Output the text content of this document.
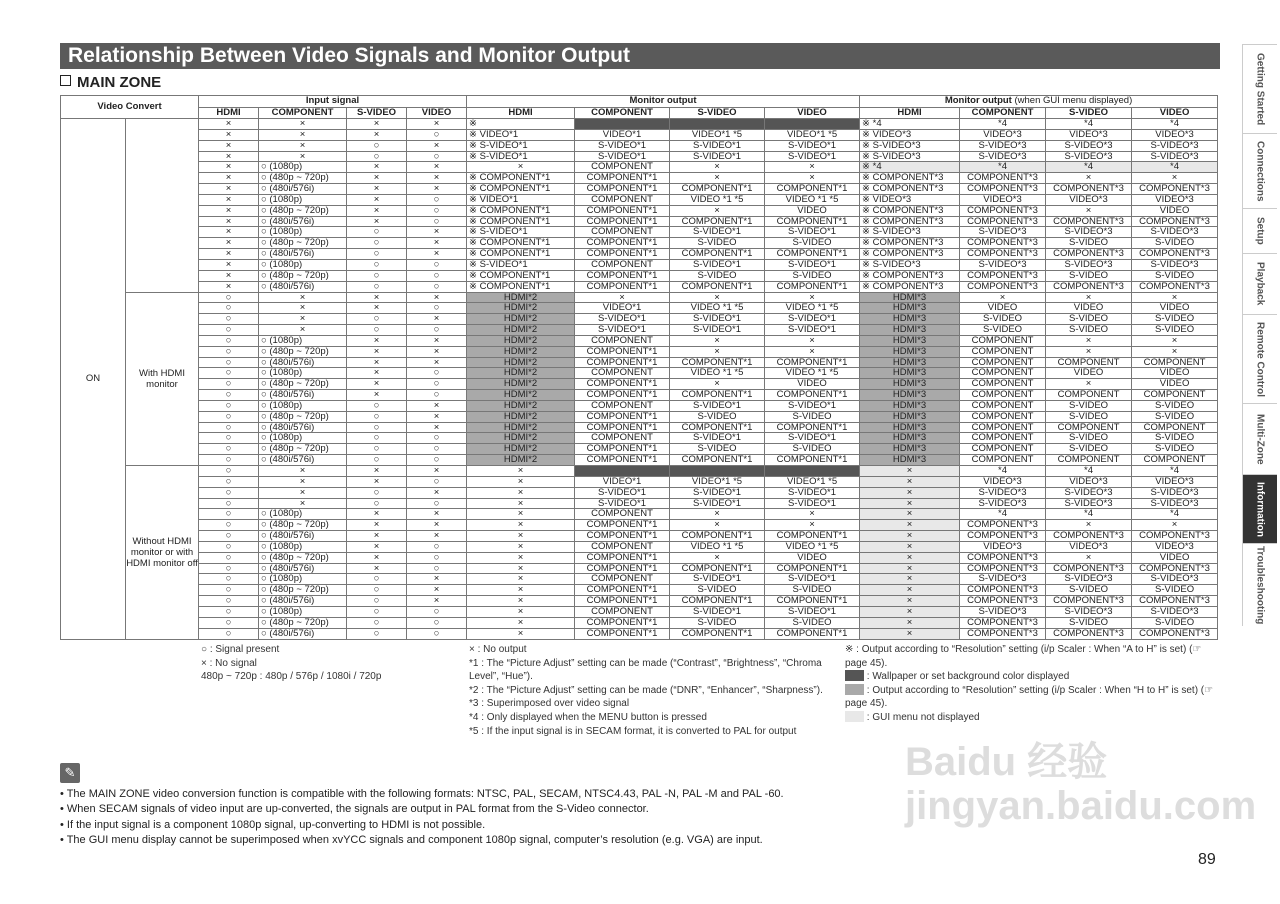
Relationship Between Video Signals and Monitor Output
MAIN ZONE
Video Convert		Input signal				Monitor output				Monitor output (when GUI menu displayed)			
		HDMI	COMPONENT	S-VIDEO	VIDEO	HDMI	COMPONENT	S-VIDEO	VIDEO	HDMI	COMPONENT	S-VIDEO	VIDEO
ON		×	×	×	×	※				※ *4	*4	*4	*4
		×	×	×	○	※ VIDEO*1	VIDEO*1	VIDEO*1 *5	VIDEO*1 *5	※ VIDEO*3	VIDEO*3	VIDEO*3	VIDEO*3
		×	×	○	×	※ S-VIDEO*1	S-VIDEO*1	S-VIDEO*1	S-VIDEO*1	※ S-VIDEO*3	S-VIDEO*3	S-VIDEO*3	S-VIDEO*3
		×	×	○	○	※ S-VIDEO*1	S-VIDEO*1	S-VIDEO*1	S-VIDEO*1	※ S-VIDEO*3	S-VIDEO*3	S-VIDEO*3	S-VIDEO*3
		×	○ (1080p)	×	×	×	COMPONENT	×	×	※ *4	*4	*4	*4
		×	○ (480p ~ 720p)	×	×	※ COMPONENT*1	COMPONENT*1	×	×	※ COMPONENT*3	COMPONENT*3	×	×
		×	○ (480i/576i)	×	×	※ COMPONENT*1	COMPONENT*1	COMPONENT*1	COMPONENT*1	※ COMPONENT*3	COMPONENT*3	COMPONENT*3	COMPONENT*3
		×	○ (1080p)	×	○	※ VIDEO*1	COMPONENT	VIDEO *1 *5	VIDEO *1 *5	※ VIDEO*3	VIDEO*3	VIDEO*3	VIDEO*3
		×	○ (480p ~ 720p)	×	○	※ COMPONENT*1	COMPONENT*1	×	VIDEO	※ COMPONENT*3	COMPONENT*3	×	VIDEO
		×	○ (480i/576i)	×	○	※ COMPONENT*1	COMPONENT*1	COMPONENT*1	COMPONENT*1	※ COMPONENT*3	COMPONENT*3	COMPONENT*3	COMPONENT*3
		×	○ (1080p)	○	×	※ S-VIDEO*1	COMPONENT	S-VIDEO*1	S-VIDEO*1	※ S-VIDEO*3	S-VIDEO*3	S-VIDEO*3	S-VIDEO*3
		×	○ (480p ~ 720p)	○	×	※ COMPONENT*1	COMPONENT*1	S-VIDEO	S-VIDEO	※ COMPONENT*3	COMPONENT*3	S-VIDEO	S-VIDEO
		×	○ (480i/576i)	○	×	※ COMPONENT*1	COMPONENT*1	COMPONENT*1	COMPONENT*1	※ COMPONENT*3	COMPONENT*3	COMPONENT*3	COMPONENT*3
		×	○ (1080p)	○	○	※ S-VIDEO*1	COMPONENT	S-VIDEO*1	S-VIDEO*1	※ S-VIDEO*3	S-VIDEO*3	S-VIDEO*3	S-VIDEO*3
		×	○ (480p ~ 720p)	○	○	※ COMPONENT*1	COMPONENT*1	S-VIDEO	S-VIDEO	※ COMPONENT*3	COMPONENT*3	S-VIDEO	S-VIDEO
		×	○ (480i/576i)	○	○	※ COMPONENT*1	COMPONENT*1	COMPONENT*1	COMPONENT*1	※ COMPONENT*3	COMPONENT*3	COMPONENT*3	COMPONENT*3
	With HDMI monitor	○	×	×	×	HDMI*2	×	×	×	HDMI*3	×	×	×
		○	×	×	○	HDMI*2	VIDEO*1	VIDEO *1 *5	VIDEO *1 *5	HDMI*3	VIDEO	VIDEO	VIDEO
		○	×	○	×	HDMI*2	S-VIDEO*1	S-VIDEO*1	S-VIDEO*1	HDMI*3	S-VIDEO	S-VIDEO	S-VIDEO
		○	×	○	○	HDMI*2	S-VIDEO*1	S-VIDEO*1	S-VIDEO*1	HDMI*3	S-VIDEO	S-VIDEO	S-VIDEO
		○	○ (1080p)	×	×	HDMI*2	COMPONENT	×	×	HDMI*3	COMPONENT	×	×
		○	○ (480p ~ 720p)	×	×	HDMI*2	COMPONENT*1	×	×	HDMI*3	COMPONENT	×	×
		○	○ (480i/576i)	×	×	HDMI*2	COMPONENT*1	COMPONENT*1	COMPONENT*1	HDMI*3	COMPONENT	COMPONENT	COMPONENT
		○	○ (1080p)	×	○	HDMI*2	COMPONENT	VIDEO *1 *5	VIDEO *1 *5	HDMI*3	COMPONENT	VIDEO	VIDEO
		○	○ (480p ~ 720p)	×	○	HDMI*2	COMPONENT*1	×	VIDEO	HDMI*3	COMPONENT	×	VIDEO
		○	○ (480i/576i)	×	○	HDMI*2	COMPONENT*1	COMPONENT*1	COMPONENT*1	HDMI*3	COMPONENT	COMPONENT	COMPONENT
		○	○ (1080p)	○	×	HDMI*2	COMPONENT	S-VIDEO*1	S-VIDEO*1	HDMI*3	COMPONENT	S-VIDEO	S-VIDEO
		○	○ (480p ~ 720p)	○	×	HDMI*2	COMPONENT*1	S-VIDEO	S-VIDEO	HDMI*3	COMPONENT	S-VIDEO	S-VIDEO
		○	○ (480i/576i)	○	×	HDMI*2	COMPONENT*1	COMPONENT*1	COMPONENT*1	HDMI*3	COMPONENT	COMPONENT	COMPONENT
		○	○ (1080p)	○	○	HDMI*2	COMPONENT	S-VIDEO*1	S-VIDEO*1	HDMI*3	COMPONENT	S-VIDEO	S-VIDEO
		○	○ (480p ~ 720p)	○	○	HDMI*2	COMPONENT*1	S-VIDEO	S-VIDEO	HDMI*3	COMPONENT	S-VIDEO	S-VIDEO
		○	○ (480i/576i)	○	○	HDMI*2	COMPONENT*1	COMPONENT*1	COMPONENT*1	HDMI*3	COMPONENT	COMPONENT	COMPONENT
	Without HDMI monitor or with HDMI monitor off	○	×	×	×	×				×	*4	*4	*4
		○	×	×	○	×	VIDEO*1	VIDEO*1 *5	VIDEO*1 *5	×	VIDEO*3	VIDEO*3	VIDEO*3
		○	×	○	×	×	S-VIDEO*1	S-VIDEO*1	S-VIDEO*1	×	S-VIDEO*3	S-VIDEO*3	S-VIDEO*3
		○	×	○	○	×	S-VIDEO*1	S-VIDEO*1	S-VIDEO*1	×	S-VIDEO*3	S-VIDEO*3	S-VIDEO*3
		○	○ (1080p)	×	×	×	COMPONENT	×	×	×	*4	*4	*4
		○	○ (480p ~ 720p)	×	×	×	COMPONENT*1	×	×	×	COMPONENT*3	×	×
		○	○ (480i/576i)	×	×	×	COMPONENT*1	COMPONENT*1	COMPONENT*1	×	COMPONENT*3	COMPONENT*3	COMPONENT*3
		○	○ (1080p)	×	○	×	COMPONENT	VIDEO *1 *5	VIDEO *1 *5	×	VIDEO*3	VIDEO*3	VIDEO*3
		○	○ (480p ~ 720p)	×	○	×	COMPONENT*1	×	VIDEO	×	COMPONENT*3	×	VIDEO
		○	○ (480i/576i)	×	○	×	COMPONENT*1	COMPONENT*1	COMPONENT*1	×	COMPONENT*3	COMPONENT*3	COMPONENT*3
		○	○ (1080p)	○	×	×	COMPONENT	S-VIDEO*1	S-VIDEO*1	×	S-VIDEO*3	S-VIDEO*3	S-VIDEO*3
		○	○ (480p ~ 720p)	○	×	×	COMPONENT*1	S-VIDEO	S-VIDEO	×	COMPONENT*3	S-VIDEO	S-VIDEO
		○	○ (480i/576i)	○	×	×	COMPONENT*1	COMPONENT*1	COMPONENT*1	×	COMPONENT*3	COMPONENT*3	COMPONENT*3
		○	○ (1080p)	○	○	×	COMPONENT	S-VIDEO*1	S-VIDEO*1	×	S-VIDEO*3	S-VIDEO*3	S-VIDEO*3
		○	○ (480p ~ 720p)	○	○	×	COMPONENT*1	S-VIDEO	S-VIDEO	×	COMPONENT*3	S-VIDEO	S-VIDEO
		○	○ (480i/576i)	○	○	×	COMPONENT*1	COMPONENT*1	COMPONENT*1	×	COMPONENT*3	COMPONENT*3	COMPONENT*3
○ : Signal present
× : No signal
480p ~ 720p : 480p / 576p / 1080i / 720p
× : No output
*1 : The “Picture Adjust” setting can be made (“Contrast”, “Brightness”, “Chroma Level”, “Hue”).
*2 : The “Picture Adjust” setting can be made (“DNR”, “Enhancer”, “Sharpness”).
*3 : Superimposed over video signal
*4 : Only displayed when the MENU button is pressed
*5 : If the input signal is in SECAM format, it is converted to PAL for output
※ : Output according to “Resolution” setting (i/p Scaler : When “A to H” is set) (☞ page 45).
: Wallpaper or set background color displayed
: Output according to “Resolution” setting (i/p Scaler : When “H to H” is set) (☞ page 45).
: GUI menu not displayed
✎
• The MAIN ZONE video conversion function is compatible with the following formats: NTSC, PAL, SECAM, NTSC4.43, PAL -N, PAL -M and PAL -60.
• When SECAM signals of video input are up-converted, the signals are output in PAL format from the S-Video connector.
• If the input signal is a component 1080p signal, up-converting to HDMI is not possible.
• The GUI menu display cannot be superimposed when xvYCC signals and component 1080p signal, computer’s resolution (e.g. VGA) are input.
89
Baidu 经验 jingyan.baidu.com
Getting Started
Connections
Setup
Playback
Remote Control
Multi-Zone
Information
Troubleshooting
